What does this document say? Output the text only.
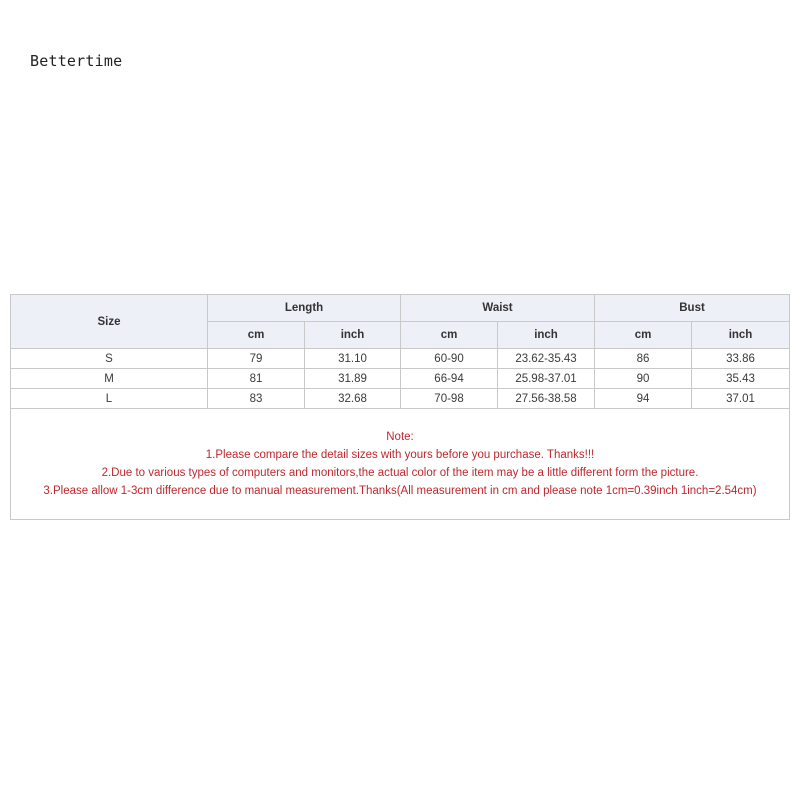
Bettertime
Size	Length		Waist		Bust	
	cm	inch	cm	inch	cm	inch
S	79	31.10	60-90	23.62-35.43	86	33.86
M	81	31.89	66-94	25.98-37.01	90	35.43
L	83	32.68	70-98	27.56-38.58	94	37.01

Note:
1.Please compare the detail sizes with yours before you purchase. Thanks!!!
2.Due to various types of computers and monitors,the actual color of the item may be a little different form the picture.
3.Please allow 1-3cm difference due to manual measurement.Thanks(All measurement in cm and please note 1cm=0.39inch 1inch=2.54cm)						
